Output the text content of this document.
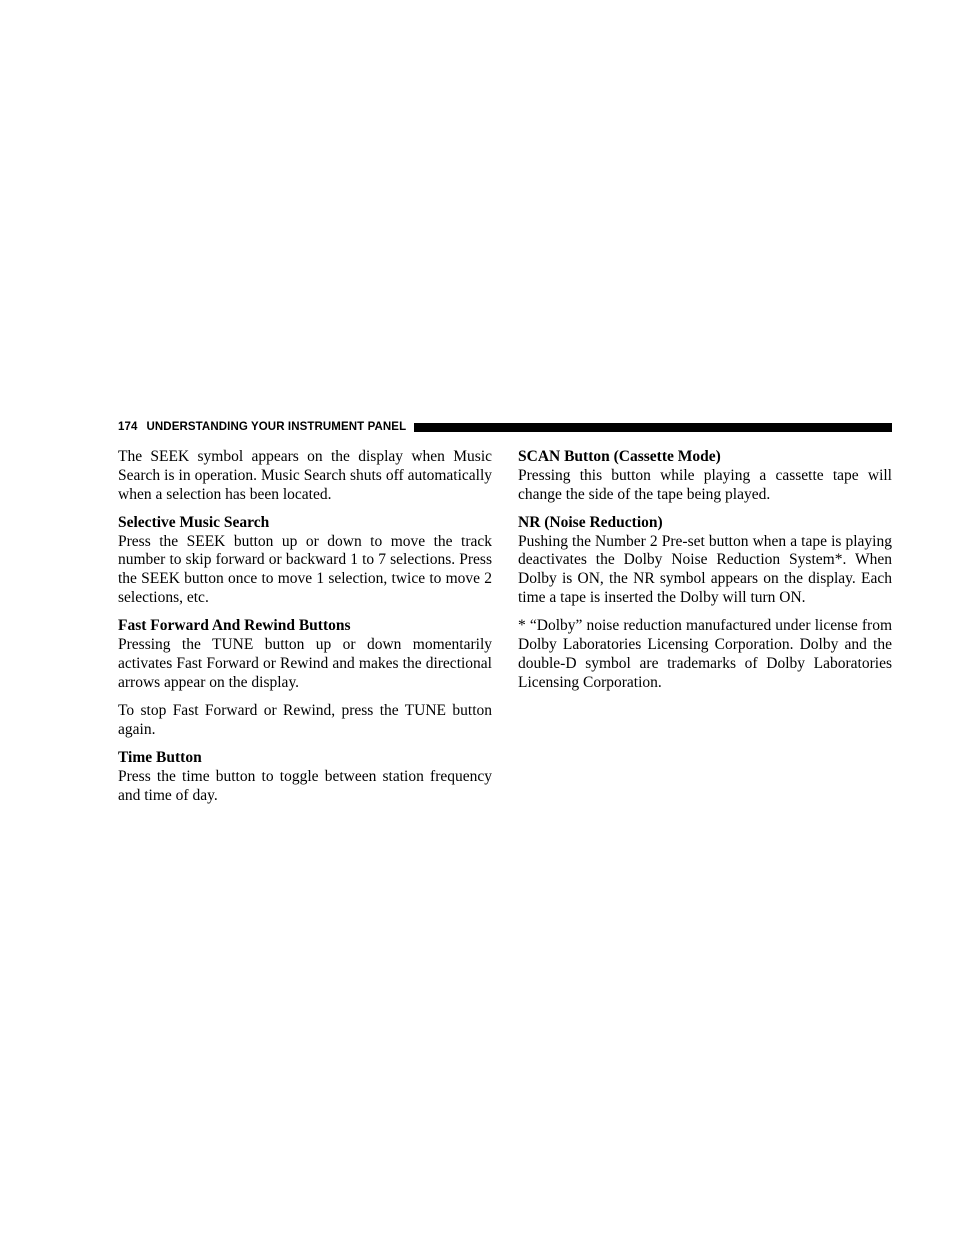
174 UNDERSTANDING YOUR INSTRUMENT PANEL

The SEEK symbol appears on the display when Music Search is in operation. Music Search shuts off automatically when a selection has been located.

Selective Music Search

Press the SEEK button up or down to move the track number to skip forward or backward 1 to 7 selections. Press the SEEK button once to move 1 selection, twice to move 2 selections, etc.

Fast Forward And Rewind Buttons

Pressing the TUNE button up or down momentarily activates Fast Forward or Rewind and makes the directional arrows appear on the display.

To stop Fast Forward or Rewind, press the TUNE button again.

Time Button

Press the time button to toggle between station frequency and time of day.

SCAN Button (Cassette Mode)

Pressing this button while playing a cassette tape will change the side of the tape being played.

NR (Noise Reduction)

Pushing the Number 2 Pre-set button when a tape is playing deactivates the Dolby Noise Reduction System*. When Dolby is ON, the NR symbol appears on the display. Each time a tape is inserted the Dolby will turn ON.

* “Dolby” noise reduction manufactured under license from Dolby Laboratories Licensing Corporation. Dolby and the double-D symbol are trademarks of Dolby Laboratories Licensing Corporation.
